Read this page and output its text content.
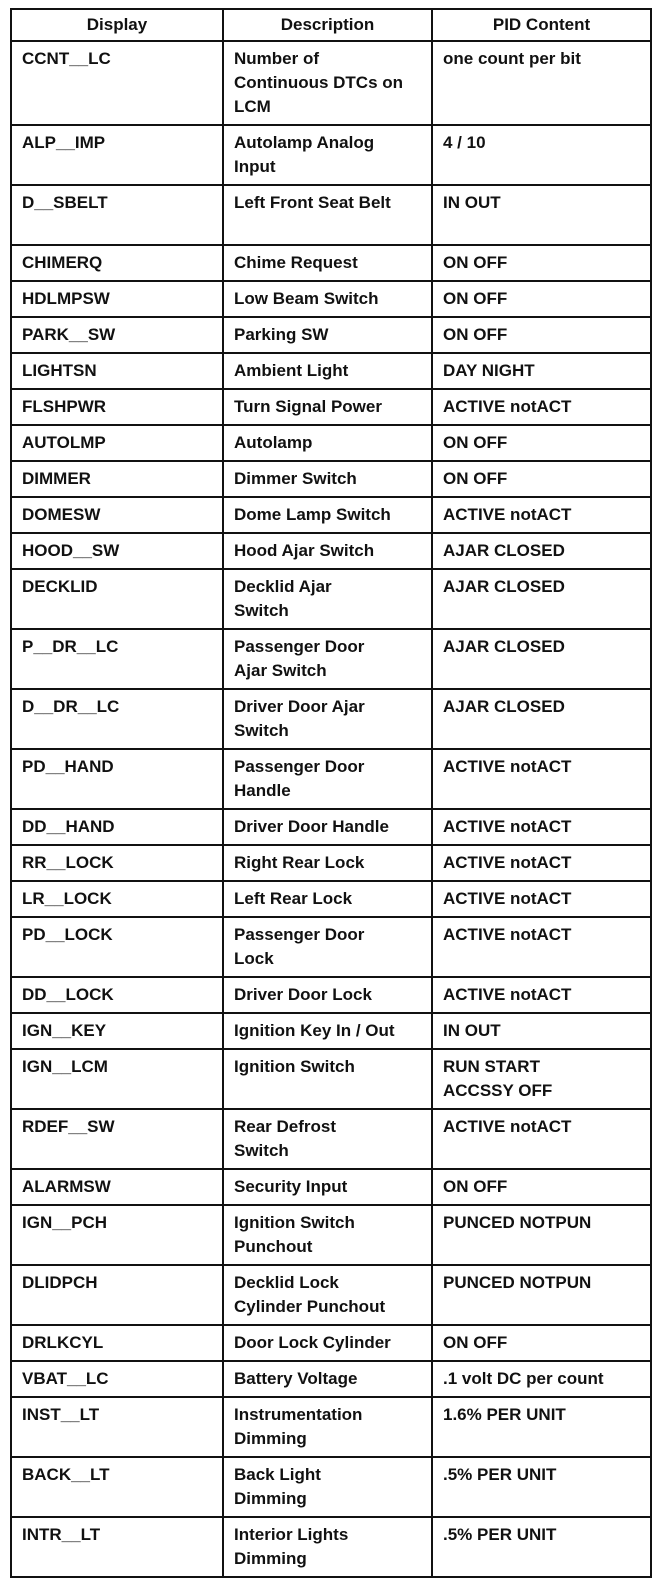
Display	Description	PID Content
CCNT__LC	Number of Continuous DTCs on LCM	one count per bit
ALP__IMP	Autolamp Analog Input	4 / 10
D__SBELT	Left Front Seat Belt	IN OUT
CHIMERQ	Chime Request	ON OFF
HDLMPSW	Low Beam Switch	ON OFF
PARK__SW	Parking SW	ON OFF
LIGHTSN	Ambient Light	DAY NIGHT
FLSHPWR	Turn Signal Power	ACTIVE notACT
AUTOLMP	Autolamp	ON OFF
DIMMER	Dimmer Switch	ON OFF
DOMESW	Dome Lamp Switch	ACTIVE notACT
HOOD__SW	Hood Ajar Switch	AJAR CLOSED
DECKLID	Decklid Ajar Switch	AJAR CLOSED
P__DR__LC	Passenger Door Ajar Switch	AJAR CLOSED
D__DR__LC	Driver Door Ajar Switch	AJAR CLOSED
PD__HAND	Passenger Door Handle	ACTIVE notACT
DD__HAND	Driver Door Handle	ACTIVE notACT
RR__LOCK	Right Rear Lock	ACTIVE notACT
LR__LOCK	Left Rear Lock	ACTIVE notACT
PD__LOCK	Passenger Door Lock	ACTIVE notACT
DD__LOCK	Driver Door Lock	ACTIVE notACT
IGN__KEY	Ignition Key In / Out	IN OUT
IGN__LCM	Ignition Switch	RUN START ACCSSY OFF
RDEF__SW	Rear Defrost Switch	ACTIVE notACT
ALARMSW	Security Input	ON OFF
IGN__PCH	Ignition Switch Punchout	PUNCED NOTPUN
DLIDPCH	Decklid Lock Cylinder Punchout	PUNCED NOTPUN
DRLKCYL	Door Lock Cylinder	ON OFF
VBAT__LC	Battery Voltage	.1 volt DC per count
INST__LT	Instrumentation Dimming	1.6% PER UNIT
BACK__LT	Back Light Dimming	.5% PER UNIT
INTR__LT	Interior Lights Dimming	.5% PER UNIT
